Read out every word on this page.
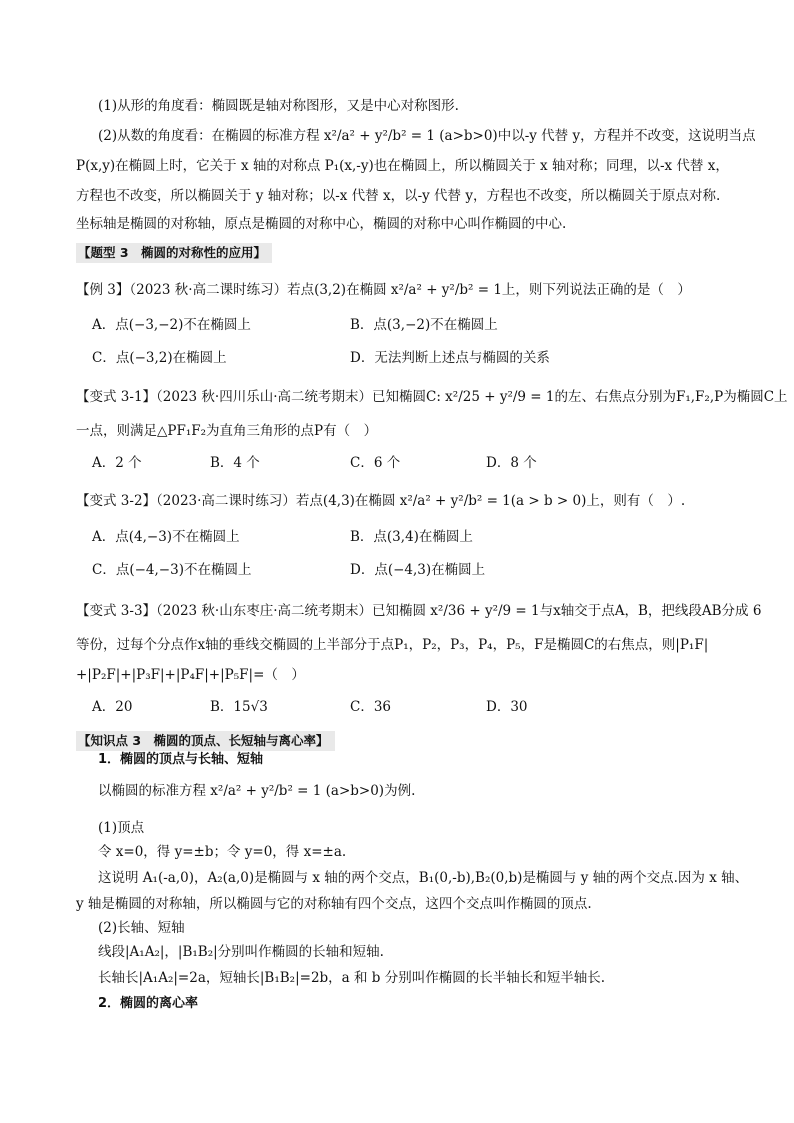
(1)从形的角度看：椭圆既是轴对称图形，又是中心对称图形.
(2)从数的角度看：在椭圆的标准方程 x²/a² + y²/b² = 1 (a>b>0)中以-y 代替 y，方程并不改变，这说明当点
P(x,y)在椭圆上时，它关于 x 轴的对称点 P₁(x,-y)也在椭圆上，所以椭圆关于 x 轴对称；同理，以-x 代替 x，
方程也不改变，所以椭圆关于 y 轴对称；以-x 代替 x，以-y 代替 y，方程也不改变，所以椭圆关于原点对称.
坐标轴是椭圆的对称轴，原点是椭圆的对称中心，椭圆的对称中心叫作椭圆的中心.
【题型 3　椭圆的对称性的应用】
【例 3】（2023 秋·高二课时练习）若点(3,2)在椭圆 x²/a² + y²/b² = 1上，则下列说法正确的是（　）
A．点(−3,−2)不在椭圆上	B．点(3,−2)不在椭圆上
C．点(−3,2)在椭圆上	D．无法判断上述点与椭圆的关系
【变式 3-1】（2023 秋·四川乐山·高二统考期末）已知椭圆C: x²/25 + y²/9 = 1的左、右焦点分别为F₁,F₂,P为椭圆C上
一点，则满足△PF₁F₂为直角三角形的点P有（　）
A．2 个	B．4 个	C．6 个	D．8 个
【变式 3-2】（2023·高二课时练习）若点(4,3)在椭圆 x²/a² + y²/b² = 1(a > b > 0)上，则有（　）.
A．点(4,−3)不在椭圆上	B．点(3,4)在椭圆上
C．点(−4,−3)不在椭圆上	D．点(−4,3)在椭圆上
【变式 3-3】（2023 秋·山东枣庄·高二统考期末）已知椭圆 x²/36 + y²/9 = 1与x轴交于点A，B，把线段AB分成 6
等份，过每个分点作x轴的垂线交椭圆的上半部分于点P₁，P₂，P₃，P₄，P₅，F是椭圆C的右焦点，则|P₁F|
+|P₂F|+|P₃F|+|P₄F|+|P₅F|=（　）
A．20	B．15√3	C．36	D．30
【知识点 3　椭圆的顶点、长短轴与离心率】
1．椭圆的顶点与长轴、短轴
以椭圆的标准方程 x²/a² + y²/b² = 1 (a>b>0)为例.
(1)顶点
令 x=0，得 y=±b；令 y=0，得 x=±a.
这说明 A₁(-a,0)，A₂(a,0)是椭圆与 x 轴的两个交点，B₁(0,-b),B₂(0,b)是椭圆与 y 轴的两个交点.因为 x 轴、
y 轴是椭圆的对称轴，所以椭圆与它的对称轴有四个交点，这四个交点叫作椭圆的顶点.
(2)长轴、短轴
线段|A₁A₂|，|B₁B₂|分别叫作椭圆的长轴和短轴.
长轴长|A₁A₂|=2a，短轴长|B₁B₂|=2b，a 和 b 分别叫作椭圆的长半轴长和短半轴长.
2．椭圆的离心率
